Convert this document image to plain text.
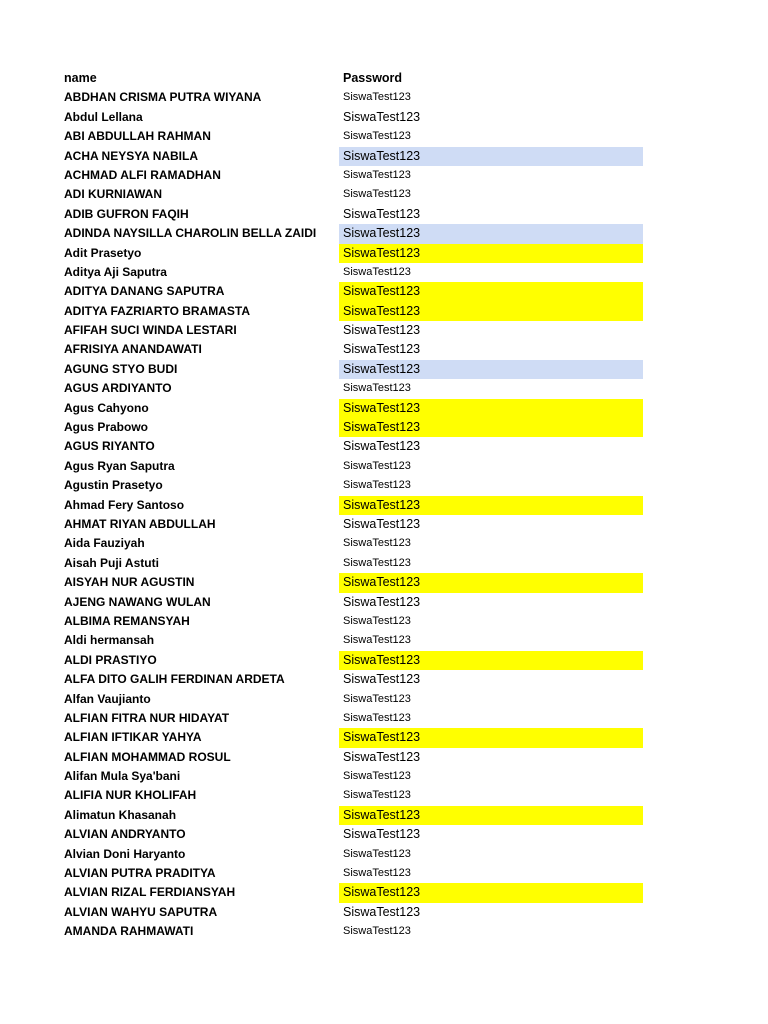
name	Password
ABDHAN CRISMA PUTRA WIYANA	SiswaTest123
Abdul Lellana	SiswaTest123
ABI ABDULLAH RAHMAN	SiswaTest123
ACHA NEYSYA NABILA	SiswaTest123
ACHMAD ALFI RAMADHAN	SiswaTest123
ADI KURNIAWAN	SiswaTest123
ADIB GUFRON FAQIH	SiswaTest123
ADINDA NAYSILLA CHAROLIN BELLA ZAIDI	SiswaTest123
Adit Prasetyo	SiswaTest123
Aditya Aji Saputra	SiswaTest123
ADITYA DANANG SAPUTRA	SiswaTest123
ADITYA FAZRIARTO BRAMASTA	SiswaTest123
AFIFAH SUCI WINDA LESTARI	SiswaTest123
AFRISIYA ANANDAWATI	SiswaTest123
AGUNG STYO BUDI	SiswaTest123
AGUS ARDIYANTO	SiswaTest123
Agus Cahyono	SiswaTest123
Agus Prabowo	SiswaTest123
AGUS RIYANTO	SiswaTest123
Agus Ryan Saputra	SiswaTest123
Agustin Prasetyo	SiswaTest123
Ahmad Fery Santoso	SiswaTest123
AHMAT RIYAN ABDULLAH	SiswaTest123
Aida Fauziyah	SiswaTest123
Aisah Puji Astuti	SiswaTest123
AISYAH NUR AGUSTIN	SiswaTest123
AJENG NAWANG WULAN	SiswaTest123
ALBIMA REMANSYAH	SiswaTest123
Aldi hermansah	SiswaTest123
ALDI PRASTIYO	SiswaTest123
ALFA DITO GALIH FERDINAN ARDETA	SiswaTest123
Alfan Vaujianto	SiswaTest123
ALFIAN FITRA NUR HIDAYAT	SiswaTest123
ALFIAN IFTIKAR YAHYA	SiswaTest123
ALFIAN MOHAMMAD ROSUL	SiswaTest123
Alifan Mula Sya'bani	SiswaTest123
ALIFIA NUR KHOLIFAH	SiswaTest123
Alimatun Khasanah	SiswaTest123
ALVIAN ANDRYANTO	SiswaTest123
Alvian Doni Haryanto	SiswaTest123
ALVIAN PUTRA PRADITYA	SiswaTest123
ALVIAN RIZAL FERDIANSYAH	SiswaTest123
ALVIAN WAHYU SAPUTRA	SiswaTest123
AMANDA RAHMAWATI	SiswaTest123
